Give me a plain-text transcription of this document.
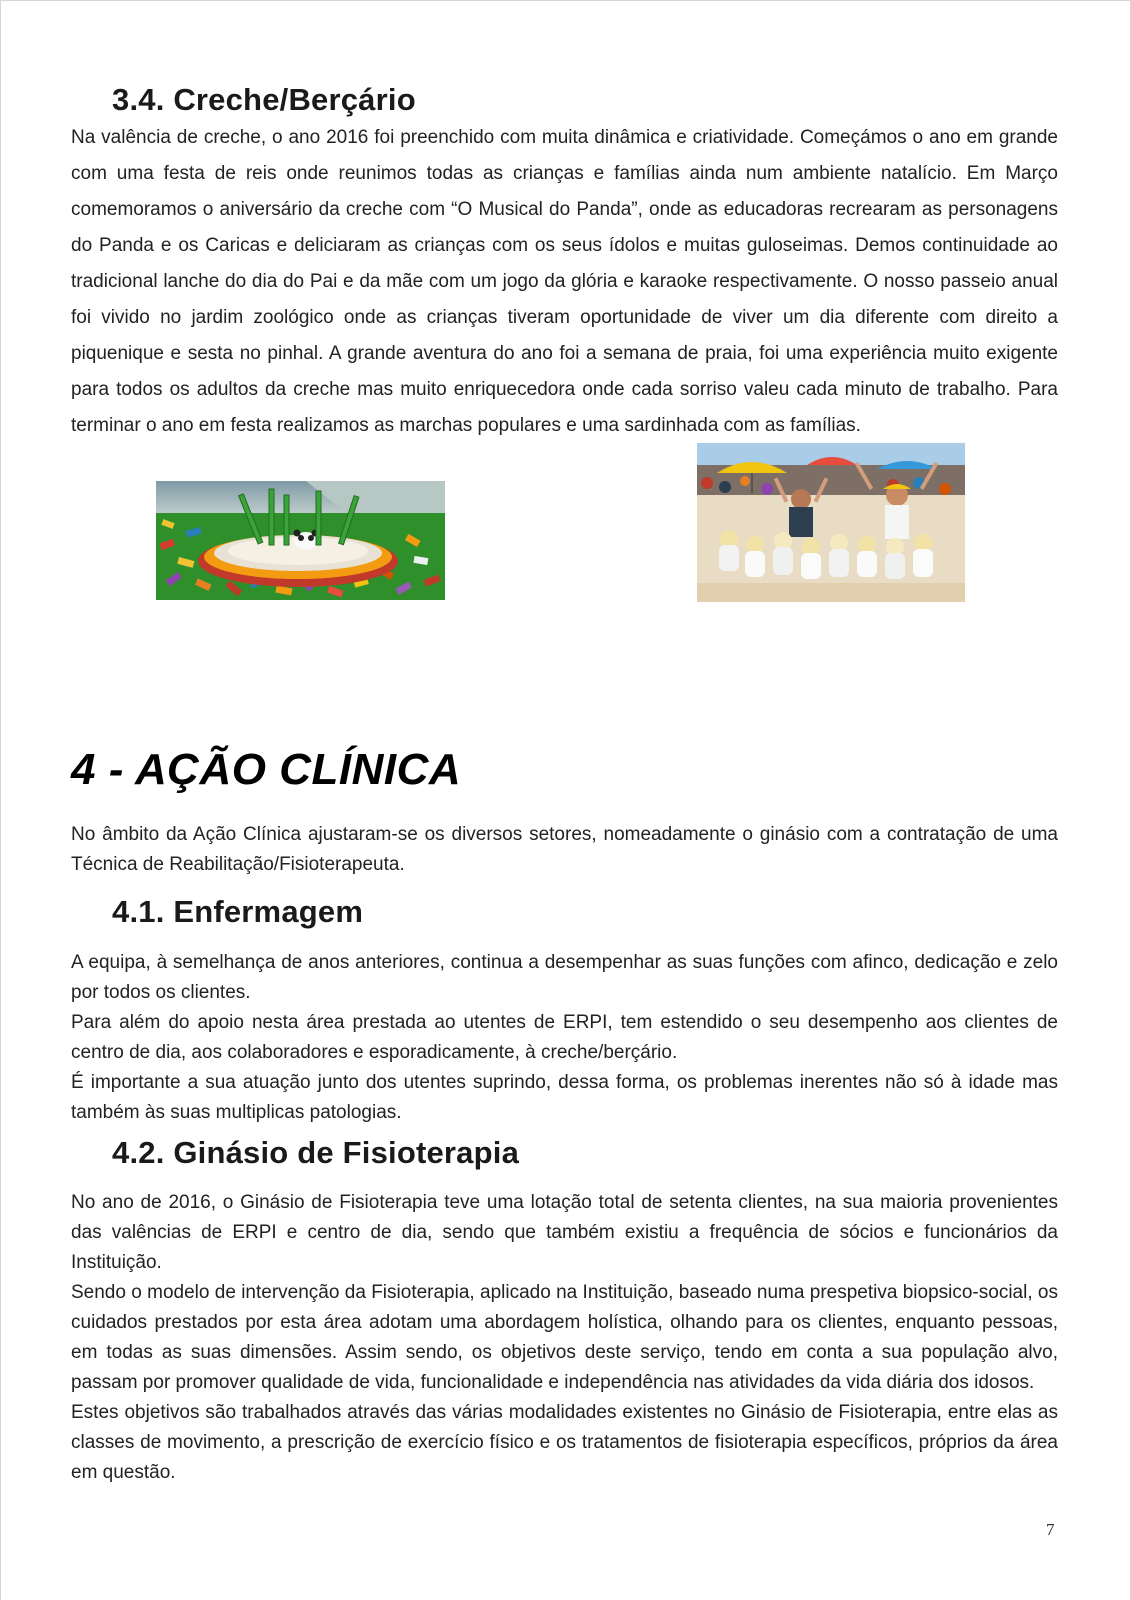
3.4. Creche/Berçário

Na valência de creche, o ano 2016 foi preenchido com muita dinâmica e criatividade. Começámos o ano em grande com uma festa de reis onde reunimos todas as crianças e famílias ainda num ambiente natalício. Em Março comemoramos o aniversário da creche com “O Musical do Panda”, onde as educadoras recrearam as personagens do Panda e os Caricas e deliciaram as crianças com os seus ídolos e muitas guloseimas. Demos continuidade ao tradicional lanche do dia do Pai e da mãe com um jogo da glória e karaoke respectivamente. O nosso passeio anual foi vivido no jardim zoológico onde as crianças tiveram oportunidade de viver um dia diferente com direito a piquenique e sesta no pinhal. A grande aventura do ano foi a semana de praia, foi uma experiência muito exigente para todos os adultos da creche mas muito enriquecedora onde cada sorriso valeu cada minuto de trabalho. Para terminar o ano em festa realizamos as marchas populares e uma sardinhada com as famílias.

4 - AÇÃO CLÍNICA

No âmbito da Ação Clínica ajustaram-se os diversos setores, nomeadamente o ginásio com a contratação de uma Técnica de Reabilitação/Fisioterapeuta.

4.1. Enfermagem

A equipa, à semelhança de anos anteriores, continua a desempenhar as suas funções com afinco, dedicação e zelo por todos os clientes.

Para além do apoio nesta área prestada ao utentes de ERPI, tem estendido o seu desempenho aos clientes de centro de dia, aos colaboradores e esporadicamente, à creche/berçário.

É importante a sua atuação junto dos utentes suprindo, dessa forma, os problemas inerentes não só à idade mas também às suas multiplicas patologias.

4.2. Ginásio de Fisioterapia

No ano de 2016, o Ginásio de Fisioterapia teve uma lotação total de setenta clientes, na sua maioria provenientes das valências de ERPI e centro de dia, sendo que também existiu a frequência de sócios e funcionários da Instituição.

Sendo o modelo de intervenção da Fisioterapia, aplicado na Instituição, baseado numa prespetiva biopsico-social, os cuidados prestados por esta área adotam uma abordagem holística, olhando para os clientes, enquanto pessoas, em todas as suas dimensões. Assim sendo, os objetivos deste serviço, tendo em conta a sua população alvo, passam por promover qualidade de vida, funcionalidade e independência nas atividades da vida diária dos idosos.

Estes objetivos são trabalhados através das várias modalidades existentes no Ginásio de Fisioterapia, entre elas as classes de movimento, a prescrição de exercício físico e os tratamentos de fisioterapia específicos, próprios da área em questão.

7
